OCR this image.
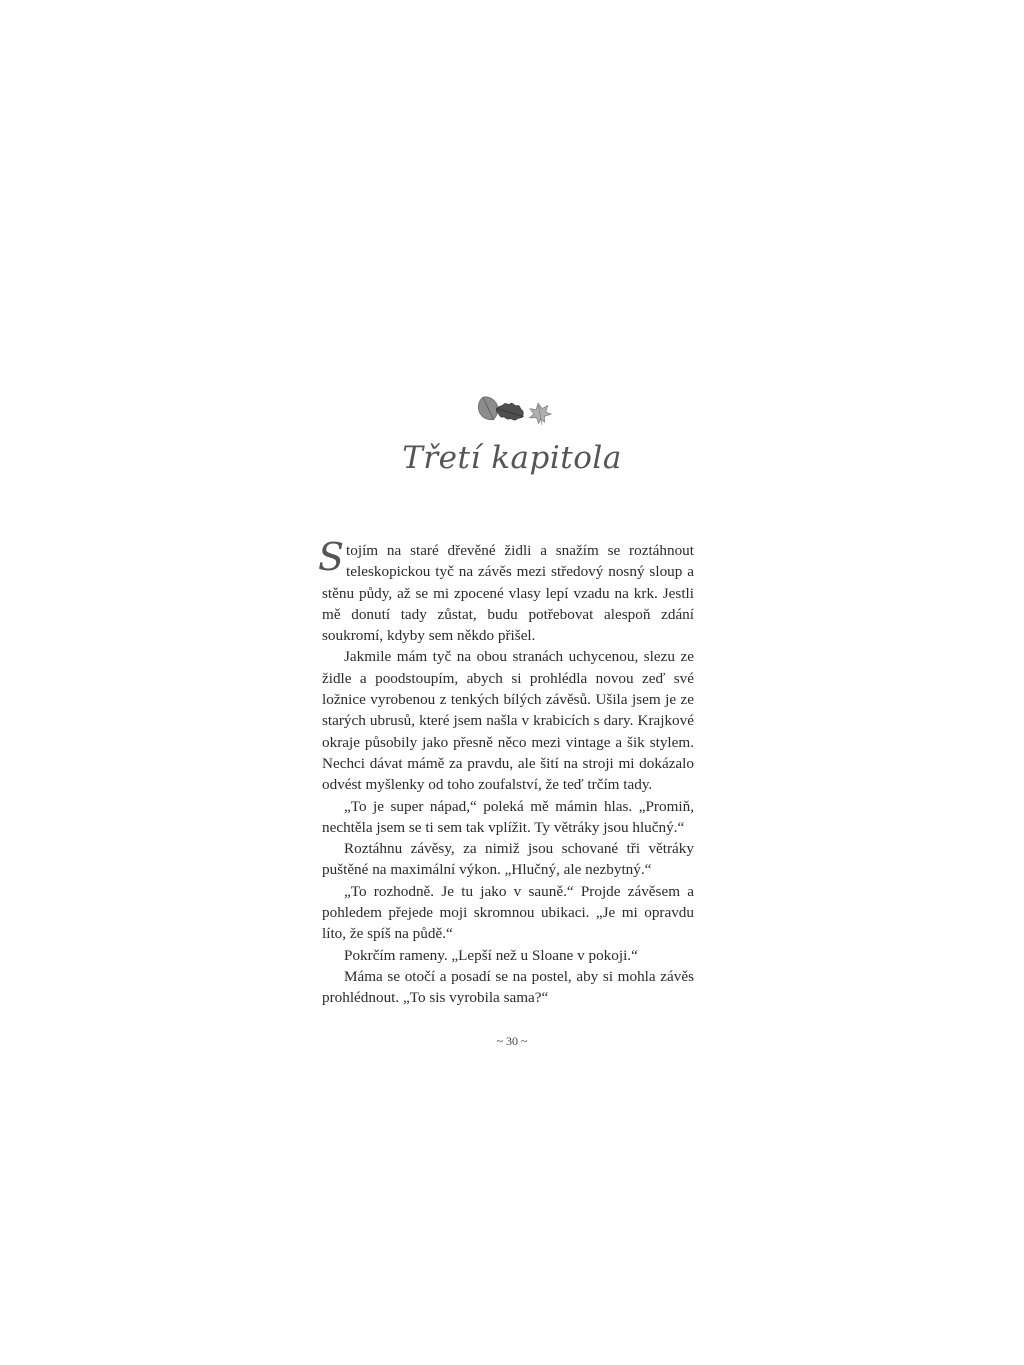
Třetí kapitola

Stojím na staré dřevěné židli a snažím se roztáhnout teleskopickou tyč na závěs mezi středový nosný sloup a stěnu půdy, až se mi zpocené vlasy lepí vzadu na krk. Jestli mě donutí tady zůstat, budu potřebovat alespoň zdání soukromí, kdyby sem někdo přišel.

Jakmile mám tyč na obou stranách uchycenou, slezu ze židle a poodstoupím, abych si prohlédla novou zeď své ložnice vyrobenou z tenkých bílých závěsů. Ušila jsem je ze starých ubrusů, které jsem našla v krabicích s dary. Krajkové okraje působily jako přesně něco mezi vintage a šik stylem. Nechci dávat mámě za pravdu, ale šití na stroji mi dokázalo odvést myšlenky od toho zoufalství, že teď trčím tady.

„To je super nápad,“ poleká mě mámin hlas. „Promiň, nechtěla jsem se ti sem tak vplížit. Ty větráky jsou hlučný.“

Roztáhnu závěsy, za nimiž jsou schované tři větráky puštěné na maximální výkon. „Hlučný, ale nezbytný.“

„To rozhodně. Je tu jako v sauně.“ Projde závěsem a pohledem přejede moji skromnou ubikaci. „Je mi opravdu líto, že spíš na půdě.“

Pokrčím rameny. „Lepší než u Sloane v pokoji.“

Máma se otočí a posadí se na postel, aby si mohla závěs prohlédnout. „To sis vyrobila sama?“

~ 30 ~
